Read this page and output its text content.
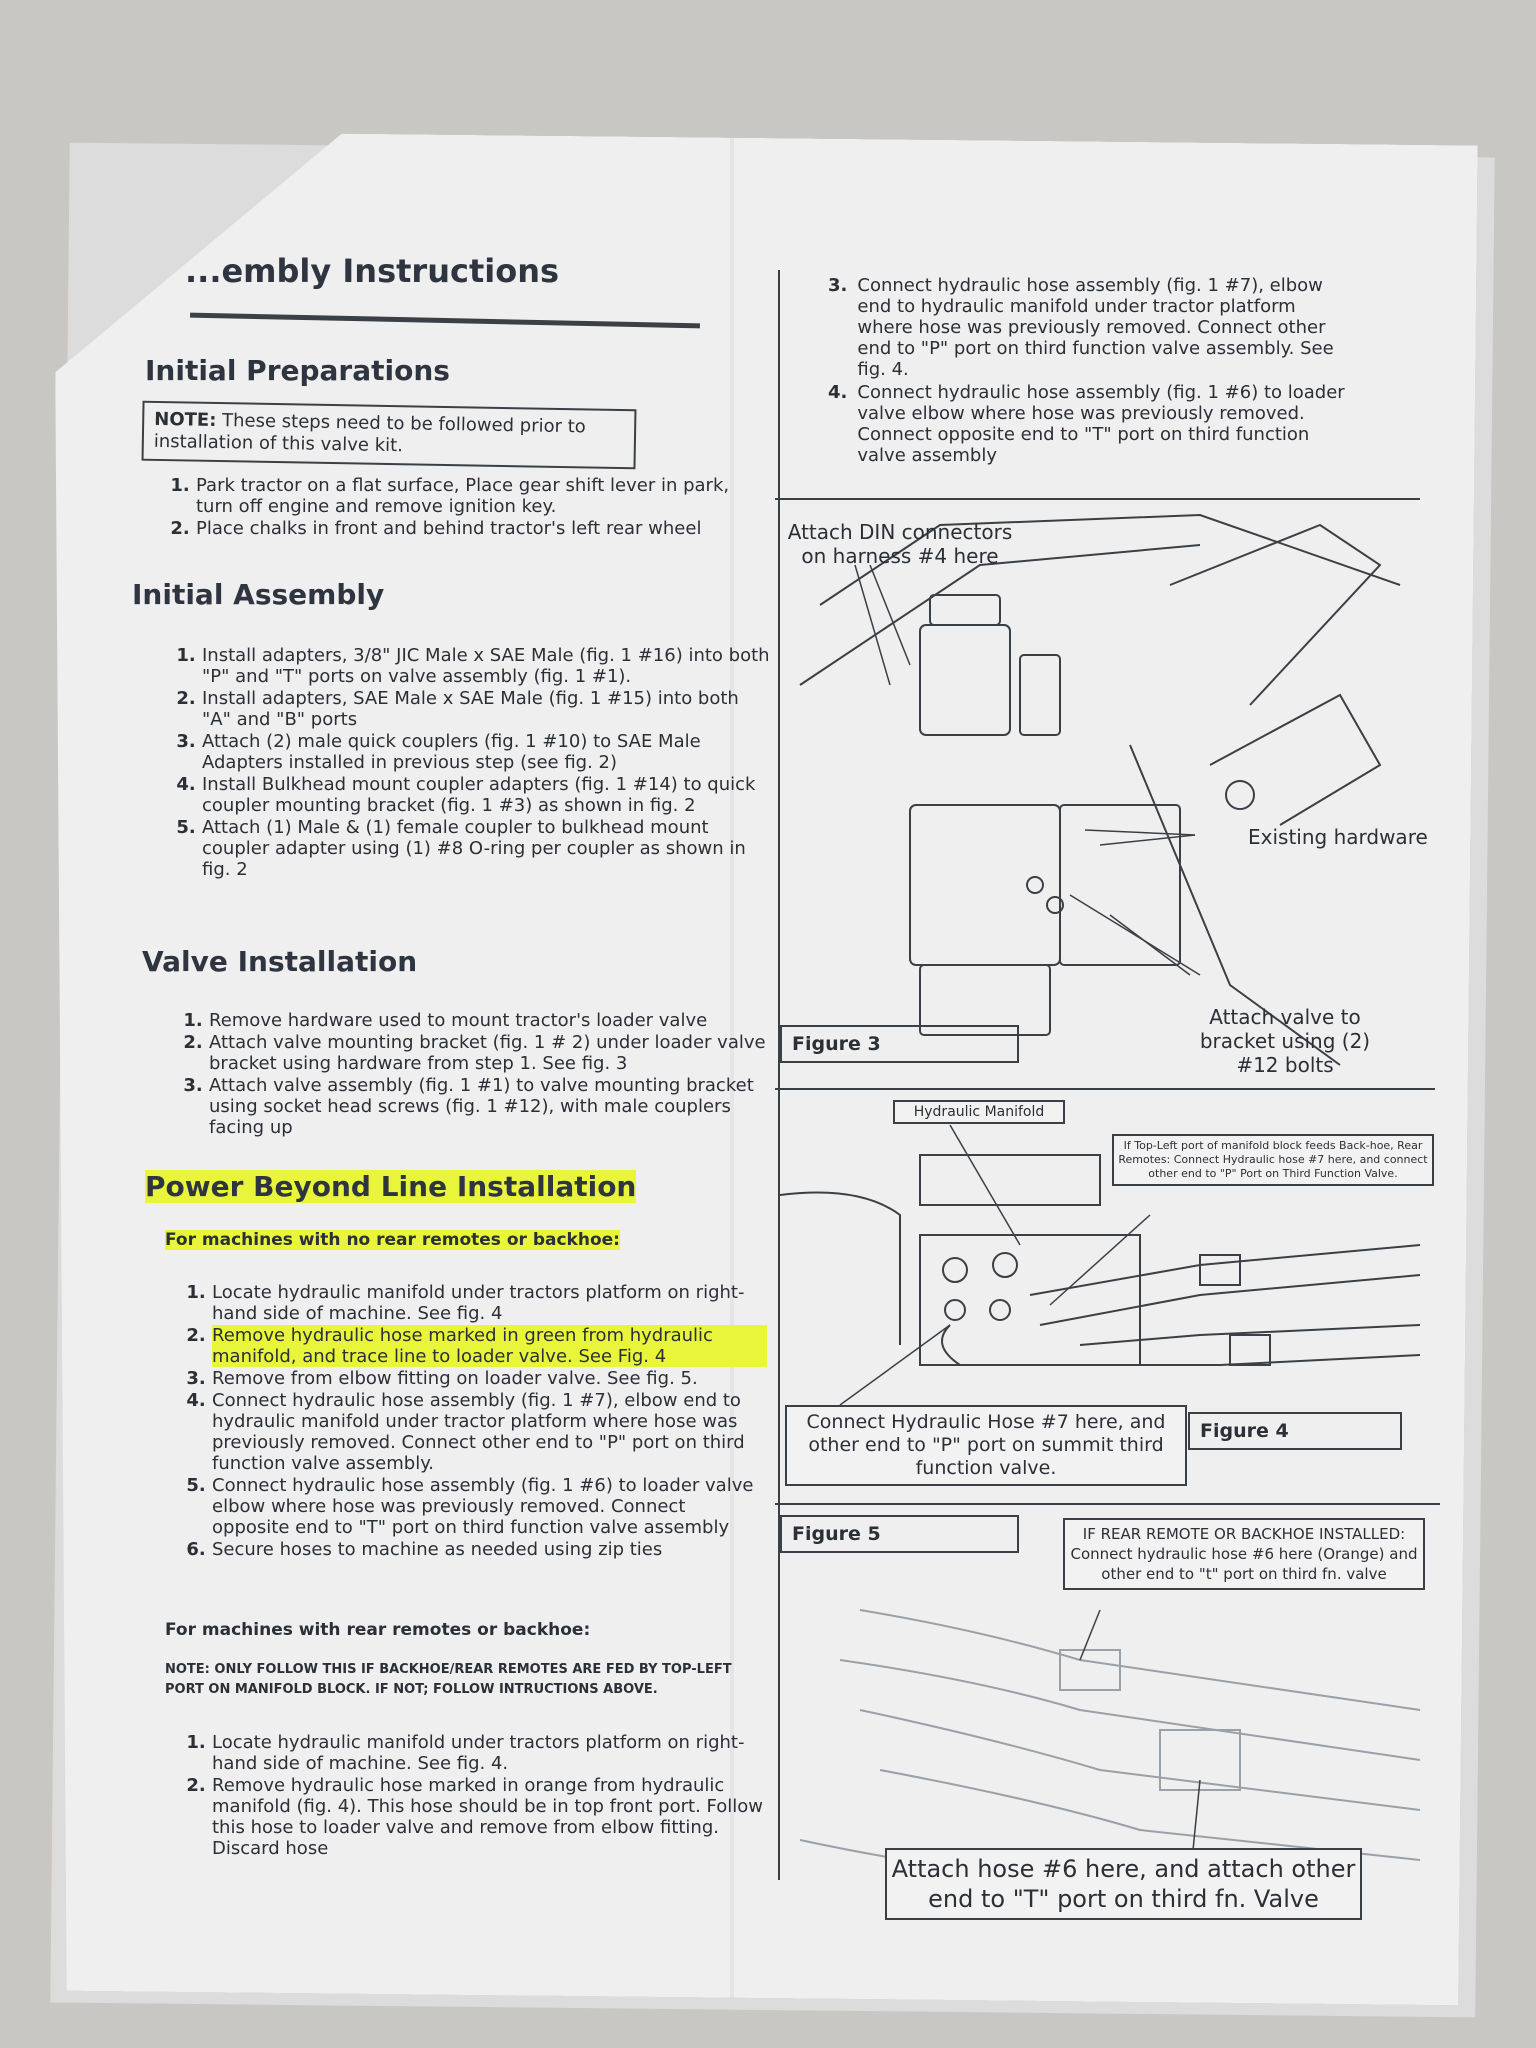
...embly Instructions
Initial Preparations
NOTE: These steps need to be followed prior to installation of this valve kit.
1. Park tractor on a flat surface, Place gear shift lever in park, turn off engine and remove ignition key.
2. Place chalks in front and behind tractor's left rear wheel
Initial Assembly
1. Install adapters, 3/8" JIC Male x SAE Male (fig. 1 #16) into both "P" and "T" ports on valve assembly (fig. 1 #1).
2. Install adapters, SAE Male x SAE Male (fig. 1 #15) into both "A" and "B" ports
3. Attach (2) male quick couplers (fig. 1 #10) to SAE Male Adapters installed in previous step (see fig. 2)
4. Install Bulkhead mount coupler adapters (fig. 1 #14) to quick coupler mounting bracket (fig. 1 #3) as shown in fig. 2
5. Attach (1) Male & (1) female coupler to bulkhead mount coupler adapter using (1) #8 O-ring per coupler as shown in fig. 2
Valve Installation
1. Remove hardware used to mount tractor's loader valve
2. Attach valve mounting bracket (fig. 1 # 2) under loader valve bracket using hardware from step 1. See fig. 3
3. Attach valve assembly (fig. 1 #1) to valve mounting bracket using socket head screws (fig. 1 #12), with male couplers facing up
Power Beyond Line Installation
For machines with no rear remotes or backhoe:
1. Locate hydraulic manifold under tractors platform on right-hand side of machine. See fig. 4
2. Remove hydraulic hose marked in green from hydraulic manifold, and trace line to loader valve. See Fig. 4
3. Remove from elbow fitting on loader valve. See fig. 5.
4. Connect hydraulic hose assembly (fig. 1 #7), elbow end to hydraulic manifold under tractor platform where hose was previously removed. Connect other end to "P" port on third function valve assembly.
5. Connect hydraulic hose assembly (fig. 1 #6) to loader valve elbow where hose was previously removed. Connect opposite end to "T" port on third function valve assembly
6. Secure hoses to machine as needed using zip ties
For machines with rear remotes or backhoe:
NOTE: ONLY FOLLOW THIS IF BACKHOE/REAR REMOTES ARE FED BY TOP-LEFT PORT ON MANIFOLD BLOCK. IF NOT; FOLLOW INTRUCTIONS ABOVE.
1. Locate hydraulic manifold under tractors platform on right-hand side of machine. See fig. 4.
2. Remove hydraulic hose marked in orange from hydraulic manifold (fig. 4). This hose should be in top front port. Follow this hose to loader valve and remove from elbow fitting. Discard hose
3. Connect hydraulic hose assembly (fig. 1 #7), elbow end to hydraulic manifold under tractor platform where hose was previously removed. Connect other end to "P" port on third function valve assembly. See fig. 4.
4. Connect hydraulic hose assembly (fig. 1 #6) to loader valve elbow where hose was previously removed. Connect opposite end to "T" port on third function valve assembly
Attach DIN connectors on harness #4 here
Existing hardware
Attach valve to bracket using (2) #12 bolts
Figure 3
Hydraulic Manifold
If Top-Left port of manifold block feeds Back-hoe, Rear Remotes: Connect Hydraulic hose #7 here, and connect other end to "P" Port on Third Function Valve.
Connect Hydraulic Hose #7 here, and other end to "P" port on summit third function valve.
Figure 4
Figure 5	IF REAR REMOTE OR BACKHOE INSTALLED: Connect hydraulic hose #6 here (Orange) and other end to "t" port on third fn. valve
Attach hose #6 here, and attach other end to "T" port on third fn. Valve
